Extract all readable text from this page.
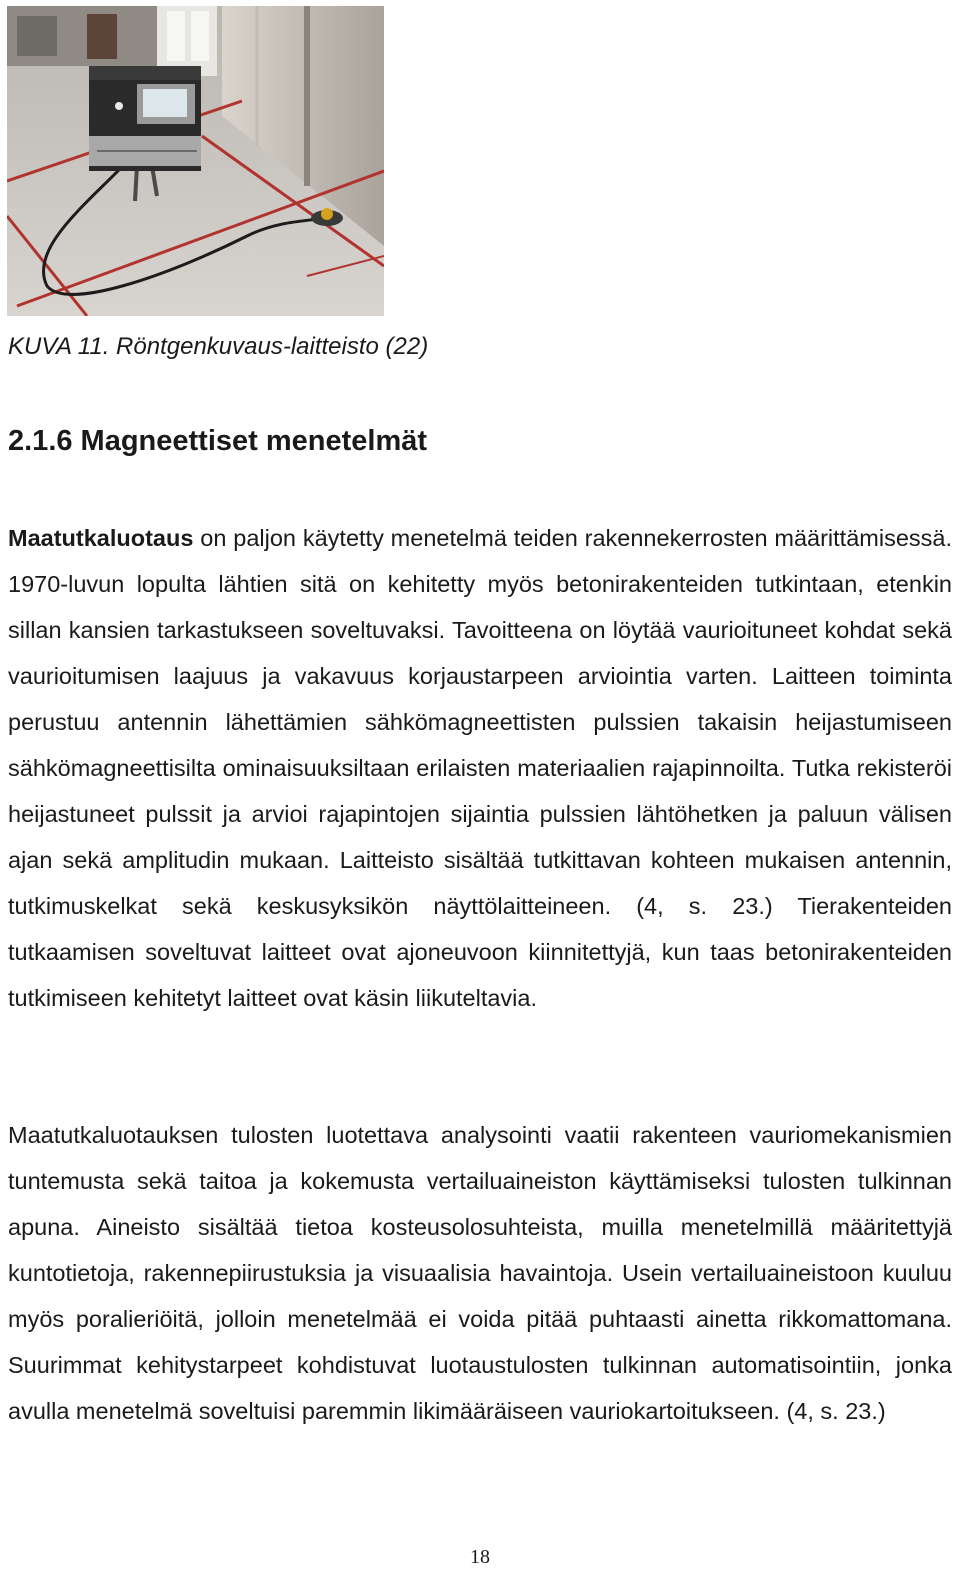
KUVA 11. Röntgenkuvaus-laitteisto (22)
2.1.6 Magneettiset menetelmät

Maatutkaluotaus on paljon käytetty menetelmä teiden rakennekerrosten määrittämisessä. 1970-luvun lopulta lähtien sitä on kehitetty myös betonirakenteiden tutkintaan, etenkin sillan kansien tarkastukseen soveltuvaksi. Tavoitteena on löytää vaurioituneet kohdat sekä vaurioitumisen laajuus ja vakavuus korjaustarpeen arviointia varten. Laitteen toiminta perustuu antennin lähettämien sähkömagneettisten pulssien takaisin heijastumiseen sähkömagneettisilta ominaisuuksiltaan erilaisten materiaalien rajapinnoilta. Tutka rekisteröi heijastuneet pulssit ja arvioi rajapintojen sijaintia pulssien lähtöhetken ja paluun välisen ajan sekä amplitudin mukaan. Laitteisto sisältää tutkittavan kohteen mukaisen antennin, tutkimuskelkat sekä keskusyksikön näyttölaitteineen. (4, s. 23.) Tierakenteiden tutkaamisen soveltuvat laitteet ovat ajoneuvoon kiinnitettyjä, kun taas betonirakenteiden tutkimiseen kehitetyt laitteet ovat käsin liikuteltavia.

Maatutkaluotauksen tulosten luotettava analysointi vaatii rakenteen vauriomekanismien tuntemusta sekä taitoa ja kokemusta vertailuaineiston käyttämiseksi tulosten tulkinnan apuna. Aineisto sisältää tietoa kosteusolosuhteista, muilla menetelmillä määritettyjä kuntotietoja, rakennepiirustuksia ja visuaalisia havaintoja. Usein vertailuaineistoon kuuluu myös poralieriöitä, jolloin menetelmää ei voida pitää puhtaasti ainetta rikkomattomana. Suurimmat kehitystarpeet kohdistuvat luotaustulosten tulkinnan automatisointiin, jonka avulla menetelmä soveltuisi paremmin likimääräiseen vauriokartoitukseen. (4, s. 23.)

18
